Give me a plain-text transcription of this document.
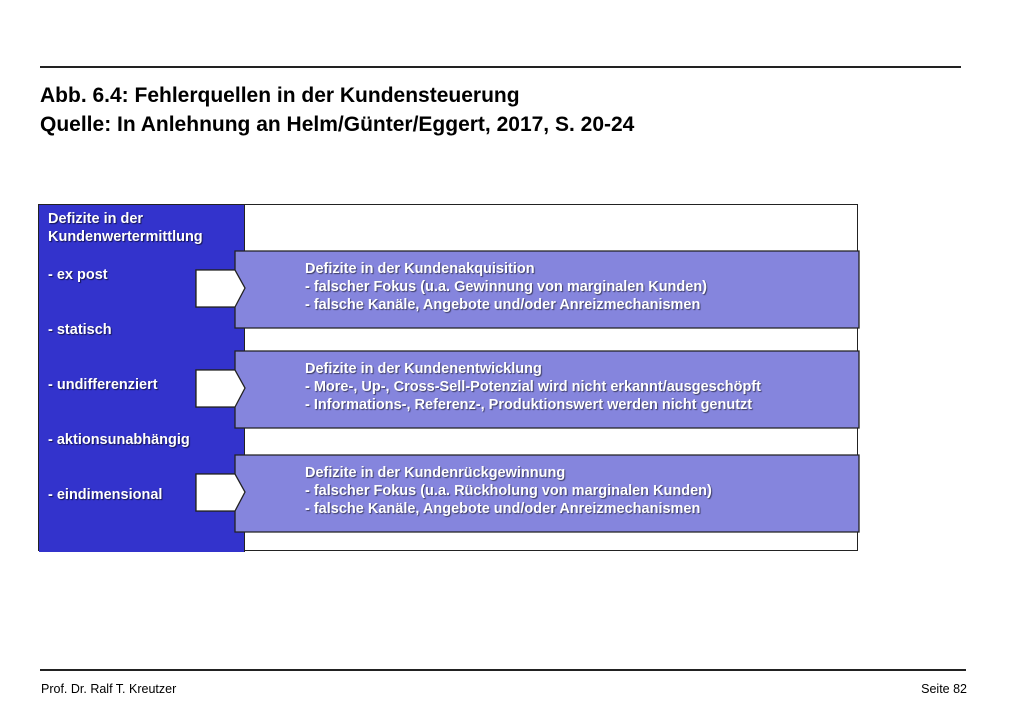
Abb. 6.4: Fehlerquellen in der Kundensteuerung
Quelle: In Anlehnung an Helm/Günter/Eggert, 2017, S. 20-24
Defizite in der
Kundenwertermittlung
- ex post
- statisch
- undifferenziert
- aktionsunabhängig
- eindimensional
Defizite in der Kundenakquisition
- falscher Fokus (u.a. Gewinnung von marginalen Kunden)
- falsche Kanäle, Angebote und/oder Anreizmechanismen
Defizite in der Kundenentwicklung
- More-, Up-, Cross-Sell-Potenzial wird nicht erkannt/ausgeschöpft
- Informations-, Referenz-, Produktionswert werden nicht genutzt
Defizite in der Kundenrückgewinnung
- falscher Fokus (u.a. Rückholung von marginalen Kunden)
- falsche Kanäle, Angebote und/oder Anreizmechanismen
Prof. Dr. Ralf T. Kreutzer	Seite 82
